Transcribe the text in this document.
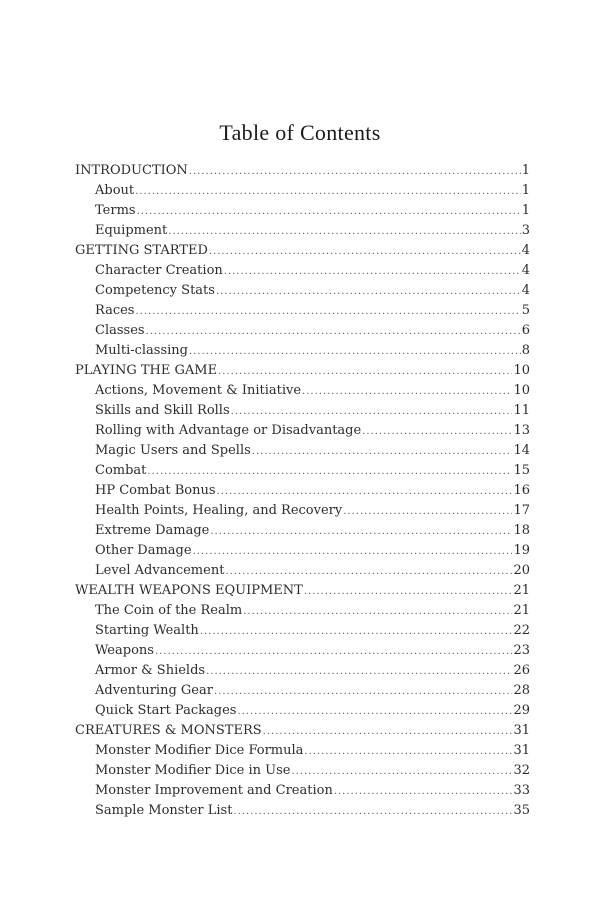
Table of Contents
INTRODUCTION .....	1
About .....	1
Terms .....	1
Equipment .....	3
GETTING STARTED .....	4
Character Creation .....	4
Competency Stats .....	4
Races .....	5
Classes .....	6
Multi-classing .....	8
PLAYING THE GAME .....	10
Actions, Movement & Initiative .....	10
Skills and Skill Rolls .....	11
Rolling with Advantage or Disadvantage .....	13
Magic Users and Spells .....	14
Combat .....	15
HP Combat Bonus .....	16
Health Points, Healing, and Recovery .....	17
Extreme Damage .....	18
Other Damage .....	19
Level Advancement .....	20
WEALTH WEAPONS EQUIPMENT .....	21
The Coin of the Realm .....	21
Starting Wealth .....	22
Weapons .....	23
Armor & Shields .....	26
Adventuring Gear .....	28
Quick Start Packages .....	29
CREATURES & MONSTERS .....	31
Monster Modifier Dice Formula .....	31
Monster Modifier Dice in Use .....	32
Monster Improvement and Creation .....	33
Sample Monster List .....	35
